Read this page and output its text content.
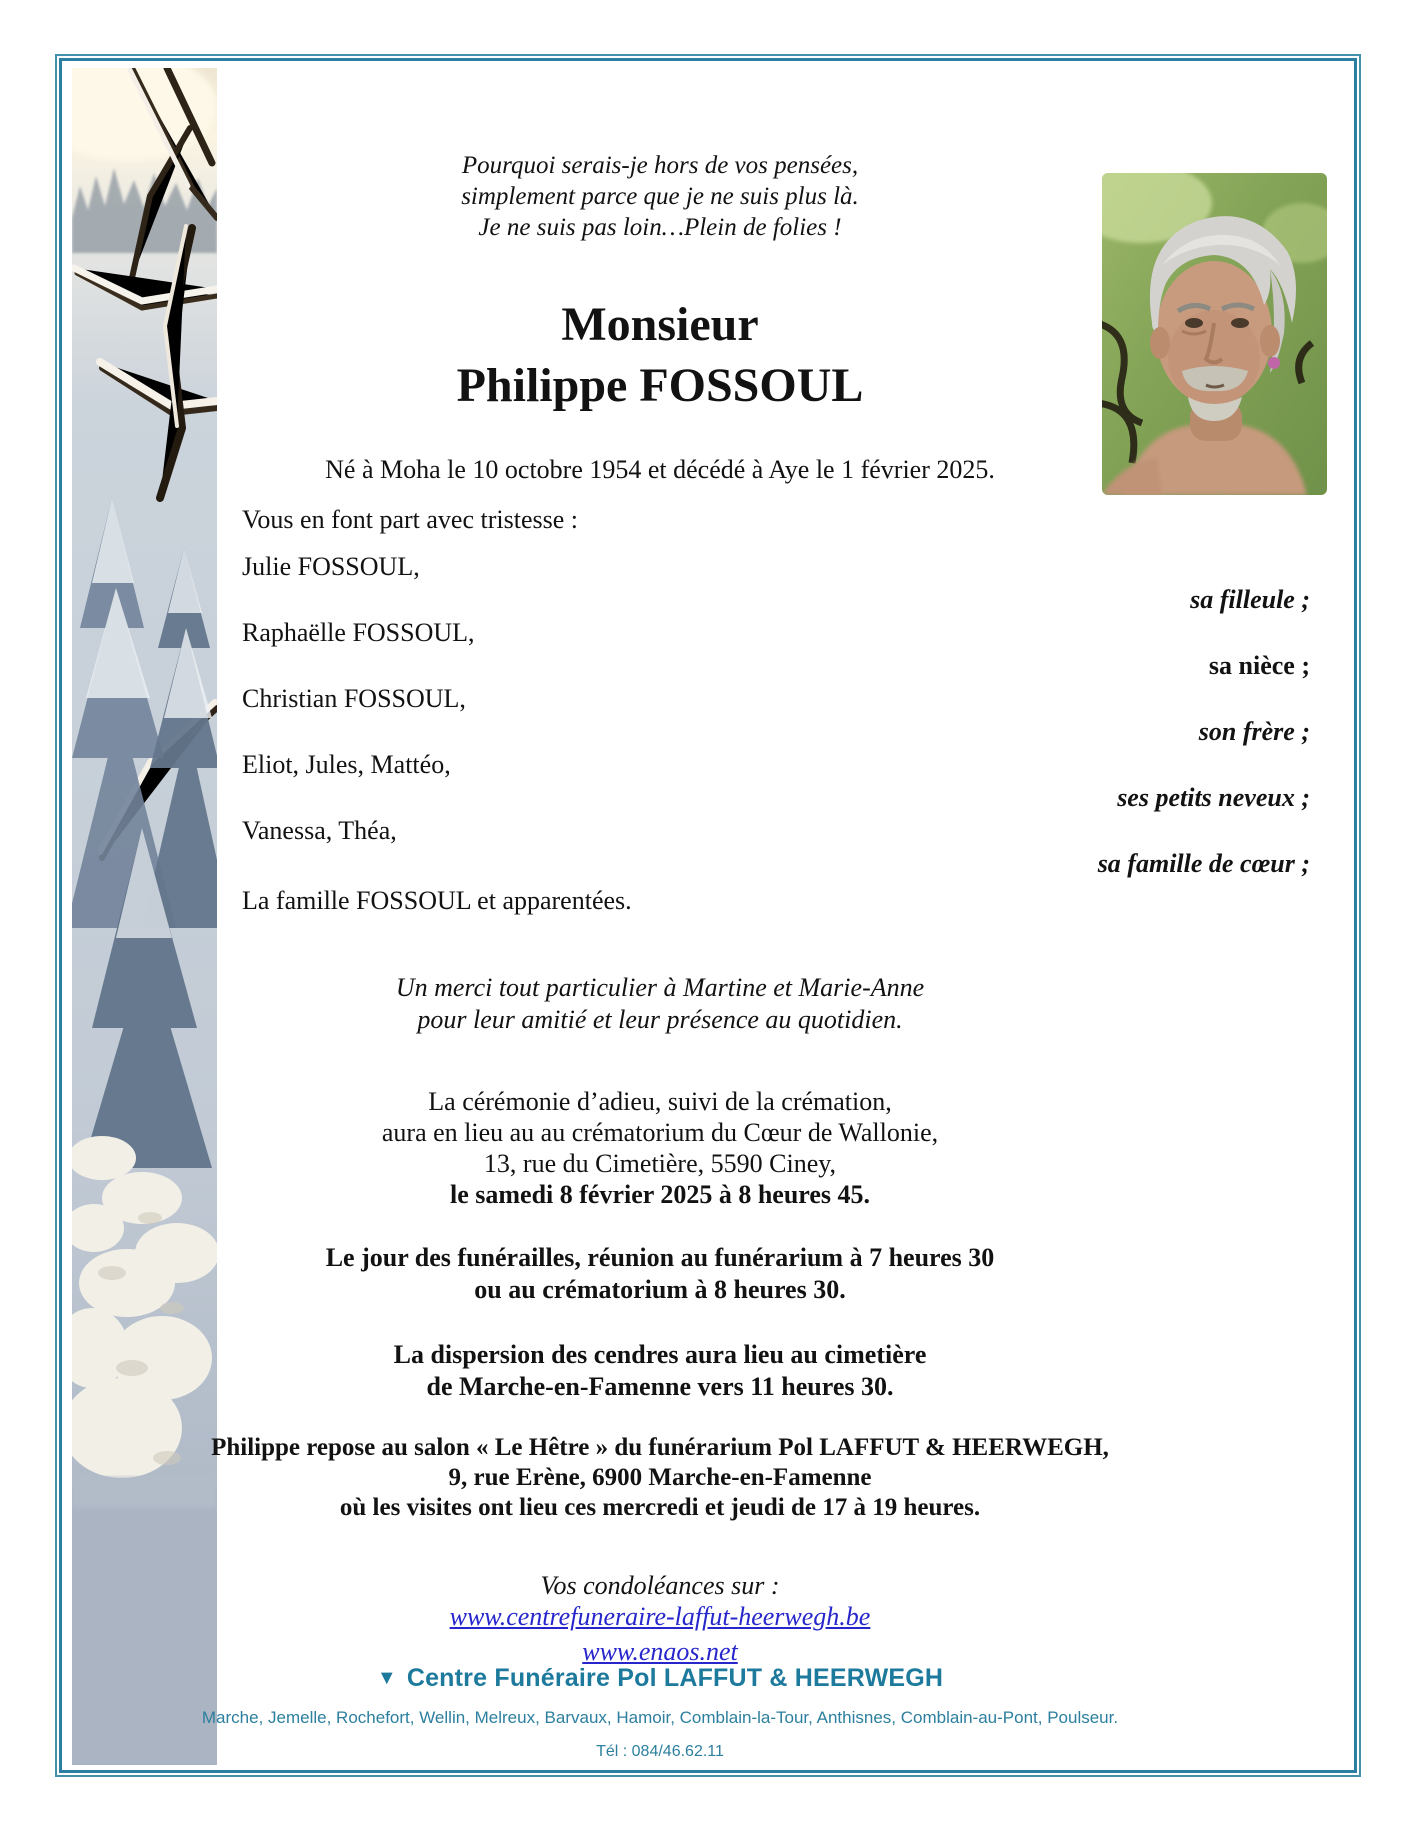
Pourquoi serais-je hors de vos pensées,
simplement parce que je ne suis plus là.
Je ne suis pas loin…Plein de folies !
Monsieur
Philippe FOSSOUL
Né à Moha le 10 octobre 1954 et décédé à Aye le 1 février 2025.
Vous en font part avec tristesse :
Julie FOSSOUL,
sa filleule ;
Raphaëlle FOSSOUL,
sa nièce ;
Christian FOSSOUL,
son frère ;
Eliot, Jules, Mattéo,
ses petits neveux ;
Vanessa, Théa,
sa famille de cœur ;
La famille FOSSOUL et apparentées.
Un merci tout particulier à Martine et Marie-Anne
pour leur amitié et leur présence au quotidien.
La cérémonie d’adieu, suivi de la crémation,
aura en lieu au au crématorium du Cœur de Wallonie,
13, rue du Cimetière, 5590 Ciney,
le samedi 8 février 2025 à 8 heures 45.
Le jour des funérailles, réunion au funérarium à 7 heures 30
ou au crématorium à 8 heures 30.
La dispersion des cendres aura lieu au cimetière
de Marche-en-Famenne vers 11 heures 30.
Philippe repose au salon « Le Hêtre » du funérarium Pol LAFFUT & HEERWEGH,
9, rue Erène, 6900 Marche-en-Famenne
où les visites ont lieu ces mercredi et jeudi de 17 à 19 heures.
Vos condoléances sur :
www.centrefuneraire-laffut-heerwegh.be
www.enaos.net
▼ Centre Funéraire Pol LAFFUT & HEERWEGH
Marche, Jemelle, Rochefort, Wellin, Melreux, Barvaux, Hamoir, Comblain-la-Tour, Anthisnes, Comblain-au-Pont, Poulseur.
Tél : 084/46.62.11
